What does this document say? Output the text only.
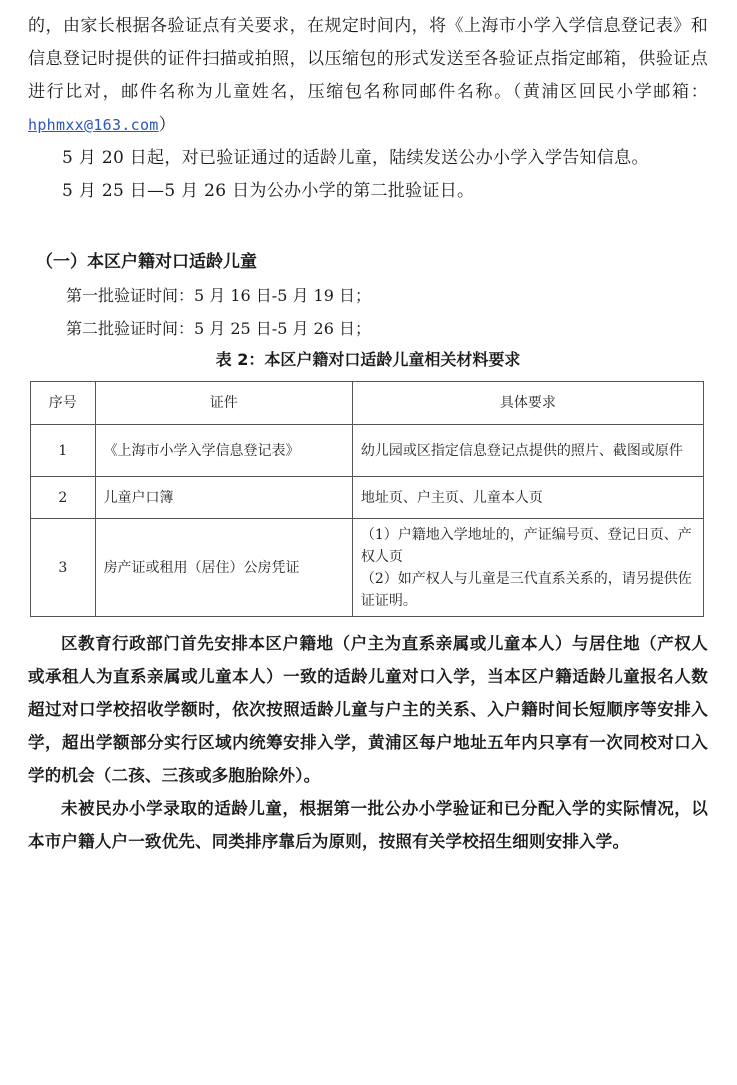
的，由家长根据各验证点有关要求，在规定时间内，将《上海市小学入学信息登记表》和信息登记时提供的证件扫描或拍照，以压缩包的形式发送至各验证点指定邮箱，供验证点进行比对，邮件名称为儿童姓名，压缩包名称同邮件名称。（黄浦区回民小学邮箱：hphmxx@163.com）

5 月 20 日起，对已验证通过的适龄儿童，陆续发送公办小学入学告知信息。

5 月 25 日—5 月 26 日为公办小学的第二批验证日。

（一）本区户籍对口适龄儿童
第一批验证时间：5 月 16 日-5 月 19 日；
第二批验证时间：5 月 25 日-5 月 26 日；
表 2：本区户籍对口适龄儿童相关材料要求
序号	证件	具体要求
1	《上海市小学入学信息登记表》	幼儿园或区指定信息登记点提供的照片、截图或原件
2	儿童户口簿	地址页、户主页、儿童本人页
3	房产证或租用（居住）公房凭证	（1）户籍地入学地址的，产证编号页、登记日页、产权人页
（2）如产权人与儿童是三代直系关系的，请另提供佐证证明。

区教育行政部门首先安排本区户籍地（户主为直系亲属或儿童本人）与居住地（产权人或承租人为直系亲属或儿童本人）一致的适龄儿童对口入学，当本区户籍适龄儿童报名人数超过对口学校招收学额时，依次按照适龄儿童与户主的关系、入户籍时间长短顺序等安排入学，超出学额部分实行区域内统筹安排入学，黄浦区每户地址五年内只享有一次同校对口入学的机会（二孩、三孩或多胞胎除外）。

未被民办小学录取的适龄儿童，根据第一批公办小学验证和已分配入学的实际情况，以本市户籍人户一致优先、同类排序靠后为原则，按照有关学校招生细则安排入学。
